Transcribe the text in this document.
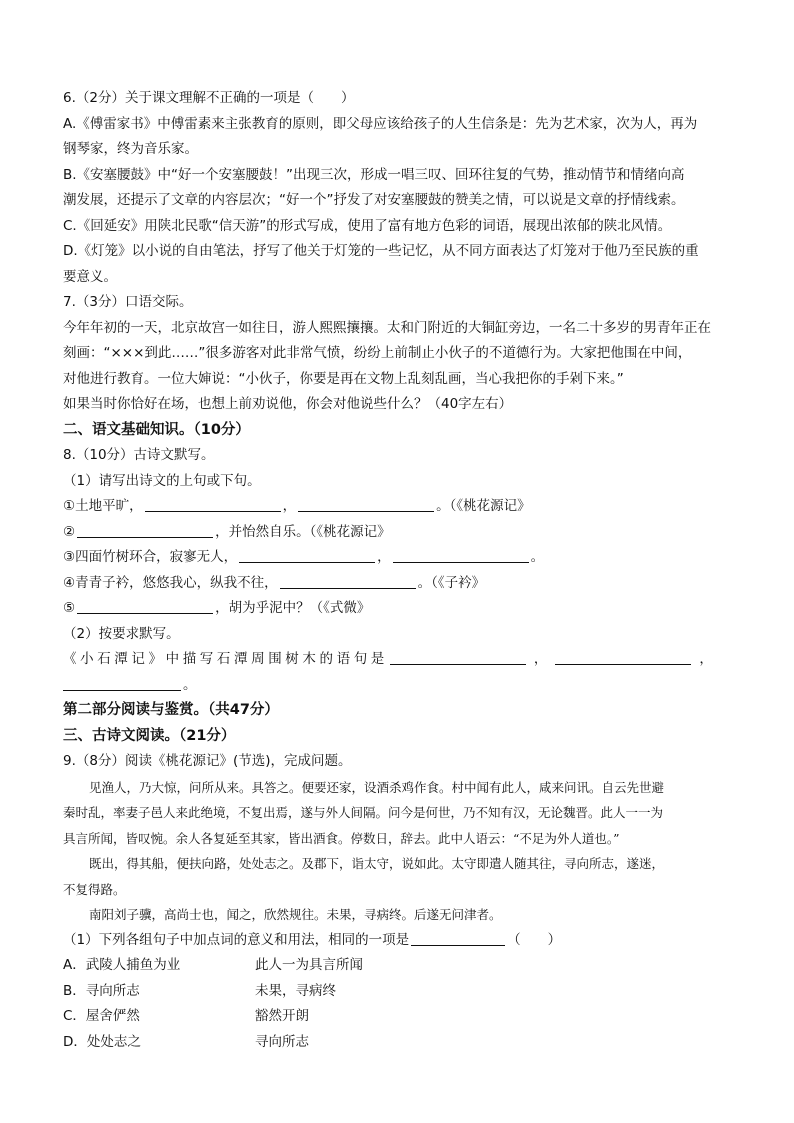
6.（2分）关于课文理解不正确的一项是（　　）
A.《傅雷家书》中傅雷素来主张教育的原则，即父母应该给孩子的人生信条是：先为艺术家，次为人，再为
钢琴家，终为音乐家。
B.《安塞腰鼓》中“好一个安塞腰鼓！”出现三次，形成一唱三叹、回环往复的气势，推动情节和情绪向高
潮发展，还提示了文章的内容层次；“好一个”抒发了对安塞腰鼓的赞美之情，可以说是文章的抒情线索。
C.《回延安》用陕北民歌“信天游”的形式写成，使用了富有地方色彩的词语，展现出浓郁的陕北风情。
D.《灯笼》以小说的自由笔法，抒写了他关于灯笼的一些记忆，从不同方面表达了灯笼对于他乃至民族的重
要意义。
7.（3分）口语交际。
今年年初的一天，北京故宫一如往日，游人熙熙攘攘。太和门附近的大铜缸旁边，一名二十多岁的男青年正在
刻画：“×××到此……”很多游客对此非常气愤，纷纷上前制止小伙子的不道德行为。大家把他围在中间，
对他进行教育。一位大婶说：“小伙子，你要是再在文物上乱刻乱画，当心我把你的手剁下来。”
如果当时你恰好在场，也想上前劝说他，你会对他说些什么？（40字左右）
二、语文基础知识。（10分）
8.（10分）古诗文默写。
（1）请写出诗文的上句或下句。
①土地平旷，	，	。（《桃花源记》
②	，并怡然自乐。（《桃花源记》
③四面竹树环合，寂寥无人，	，	。
④青青子衿，悠悠我心，纵我不往，	。（《子衿》
⑤	，胡为乎泥中？（《式微》
（2）按要求默写。
《小石潭记》中描写石潭周围树木的语句是	，	，
。
第二部分阅读与鉴赏。（共47分）
三、古诗文阅读。（21分）
9.（8分）阅读《桃花源记》(节选)，完成问题。
见渔人，乃大惊，问所从来。具答之。便要还家，设酒杀鸡作食。村中闻有此人，咸来问讯。自云先世避
秦时乱，率妻子邑人来此绝境，不复出焉，遂与外人间隔。问今是何世，乃不知有汉，无论魏晋。此人一一为
具言所闻，皆叹惋。余人各复延至其家，皆出酒食。停数日，辞去。此中人语云：“不足为外人道也。”
既出，得其船，便扶向路，处处志之。及郡下，诣太守，说如此。太守即遣人随其往，寻向所志，遂迷，
不复得路。
南阳刘子骥，高尚士也，闻之，欣然规往。未果，寻病终。后遂无问津者。
（1）下列各组句子中加点词的意义和用法，相同的一项是	（　　）
A．武陵人捕鱼为业	此人一为具言所闻
B．寻向所志	未果，寻病终
C．屋舍俨然	豁然开朗
D．处处志之	寻向所志
